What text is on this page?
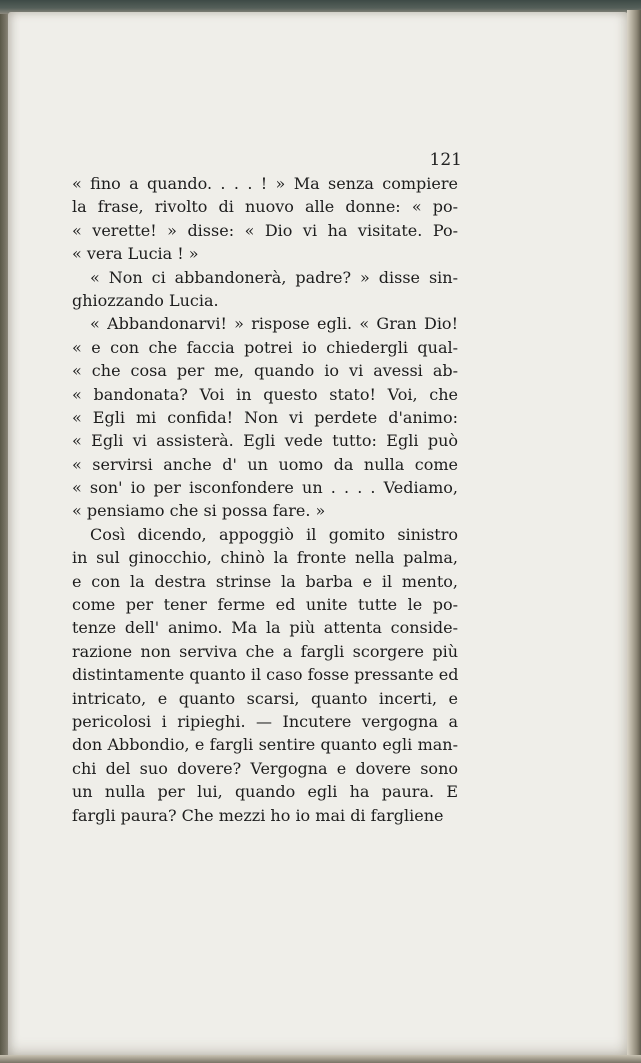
121
« fino a quando. . . . ! » Ma senza compiere
la frase, rivolto di nuovo alle donne: « po-
« verette! » disse: « Dio vi ha visitate. Po-
« vera Lucia ! »
« Non ci abbandonerà, padre? » disse sin-
ghiozzando Lucia.
« Abbandonarvi! » rispose egli. « Gran Dio!
« e con che faccia potrei io chiedergli qual-
« che cosa per me, quando io vi avessi ab-
« bandonata? Voi in questo stato! Voi, che
« Egli mi confida! Non vi perdete d'animo:
« Egli vi assisterà. Egli vede tutto: Egli può
« servirsi anche d' un uomo da nulla come
« son' io per isconfondere un . . . . Vediamo,
« pensiamo che si possa fare. »
Così dicendo, appoggiò il gomito sinistro
in sul ginocchio, chinò la fronte nella palma,
e con la destra strinse la barba e il mento,
come per tener ferme ed unite tutte le po-
tenze dell' animo. Ma la più attenta conside-
razione non serviva che a fargli scorgere più
distintamente quanto il caso fosse pressante ed
intricato, e quanto scarsi, quanto incerti, e
pericolosi i ripieghi. — Incutere vergogna a
don Abbondio, e fargli sentire quanto egli man-
chi del suo dovere? Vergogna e dovere sono
un nulla per lui, quando egli ha paura. E
fargli paura? Che mezzi ho io mai di fargliene
